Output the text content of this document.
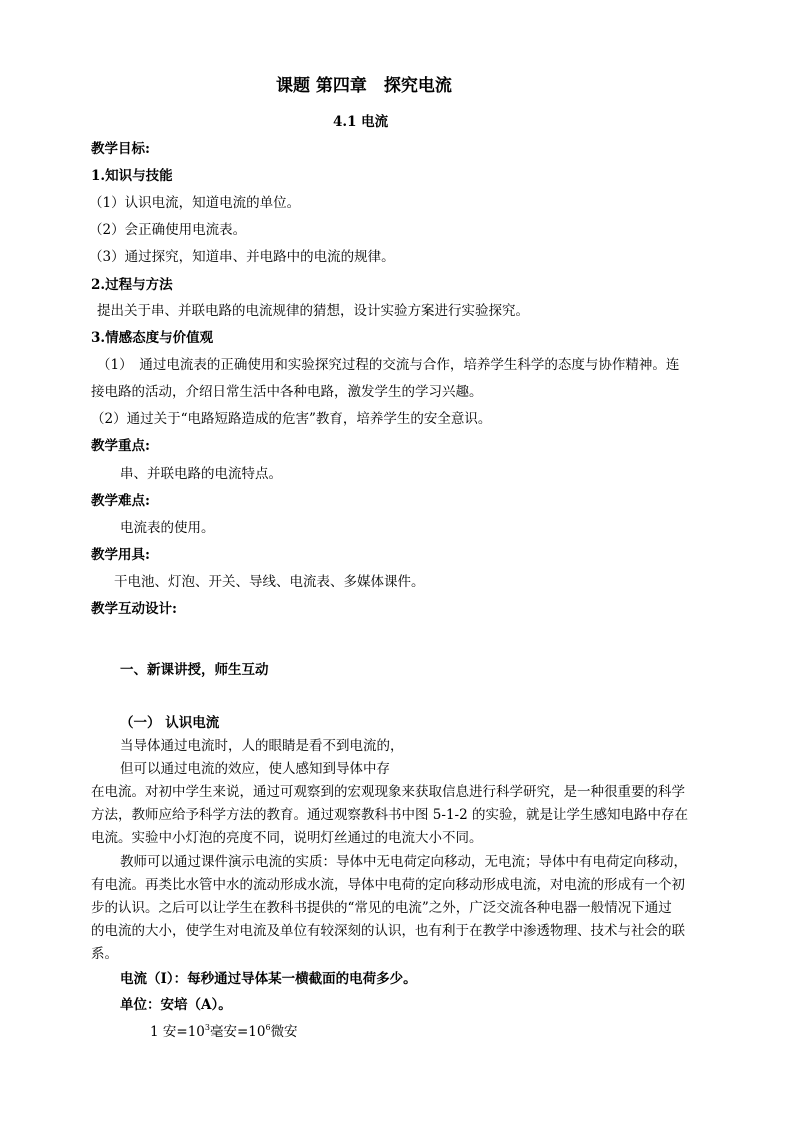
课题 第四章　探究电流
4.1 电流
教学目标:
1.知识与技能
（1）认识电流，知道电流的单位。
（2）会正确使用电流表。
（3）通过探究，知道串、并电路中的电流的规律。
2.过程与方法
提出关于串、并联电路的电流规律的猜想，设计实验方案进行实验探究。
3.情感态度与价值观
（1）　通过电流表的正确使用和实验探究过程的交流与合作，培养学生科学的态度与协作精神。连
接电路的活动，介绍日常生活中各种电路，激发学生的学习兴趣。
（2）通过关于“电路短路造成的危害”教育，培养学生的安全意识。
教学重点:
串、并联电路的电流特点。
教学难点:
电流表的使用。
教学用具:
干电池、灯泡、开关、导线、电流表、多媒体课件。
教学互动设计:
一、新课讲授，师生互动
（一） 认识电流
当导体通过电流时，人的眼睛是看不到电流的，
但可以通过电流的效应，使人感知到导体中存
在电流。对初中学生来说，通过可观察到的宏观现象来获取信息进行科学研究，是一种很重要的科学
方法，教师应给予科学方法的教育。通过观察教科书中图 5-1-2 的实验，就是让学生感知电路中存在
电流。实验中小灯泡的亮度不同，说明灯丝通过的电流大小不同。
教师可以通过课件演示电流的实质：导体中无电荷定向移动，无电流；导体中有电荷定向移动，
有电流。再类比水管中水的流动形成水流，导体中电荷的定向移动形成电流，对电流的形成有一个初
步的认识。之后可以让学生在教科书提供的“常见的电流”之外，广泛交流各种电器一般情况下通过
的电流的大小，使学生对电流及单位有较深刻的认识，也有利于在教学中渗透物理、技术与社会的联
系。
电流（I）：每秒通过导体某一横截面的电荷多少。
单位：安培（A）。
1 安$=10^3$毫安$=10^6$微安
